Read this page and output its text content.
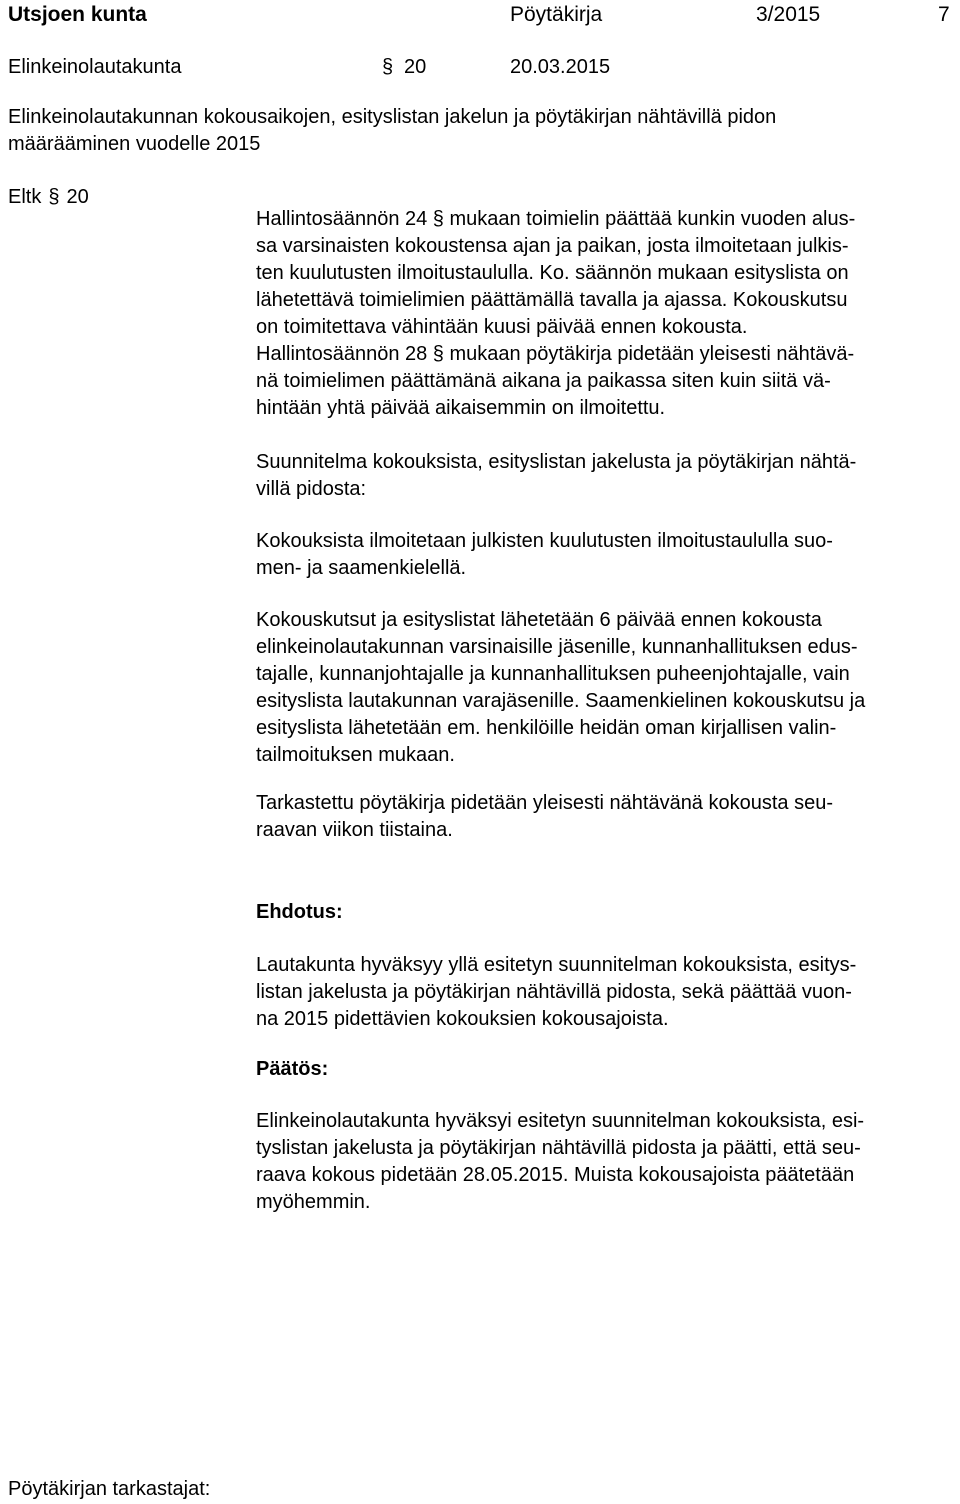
Utsjoen kunta	Pöytäkirja	3/2015	7
Elinkeinolautakunta	§ 20	20.03.2015
Elinkeinolautakunnan kokousaikojen, esityslistan jakelun ja pöytäkirjan nähtävillä pidon
määrääminen vuodelle 2015
Eltk § 20
Hallintosäännön 24 § mukaan toimielin päättää kunkin vuoden alus-
sa varsinaisten kokoustensa ajan ja paikan, josta ilmoitetaan julkis-
ten kuulutusten ilmoitustaululla. Ko. säännön mukaan esityslista on
lähetettävä toimielimien päättämällä tavalla ja ajassa. Kokouskutsu
on toimitettava vähintään kuusi päivää ennen kokousta.
Hallintosäännön 28 § mukaan pöytäkirja pidetään yleisesti nähtävä-
nä toimielimen päättämänä aikana ja paikassa siten kuin siitä vä-
hintään yhtä päivää aikaisemmin on ilmoitettu.
Suunnitelma kokouksista, esityslistan jakelusta ja pöytäkirjan nähtä-
villä pidosta:
Kokouksista ilmoitetaan julkisten kuulutusten ilmoitustaululla suo-
men- ja saamenkielellä.
Kokouskutsut ja esityslistat lähetetään 6 päivää ennen kokousta
elinkeinolautakunnan varsinaisille jäsenille, kunnanhallituksen edus-
tajalle, kunnanjohtajalle ja kunnanhallituksen puheenjohtajalle, vain
esityslista lautakunnan varajäsenille. Saamenkielinen kokouskutsu ja
esityslista lähetetään em. henkilöille heidän oman kirjallisen valin-
tailmoituksen mukaan.
Tarkastettu pöytäkirja pidetään yleisesti nähtävänä kokousta seu-
raavan viikon tiistaina.
Ehdotus:
Lautakunta hyväksyy yllä esitetyn suunnitelman kokouksista, esitys-
listan jakelusta ja pöytäkirjan nähtävillä pidosta, sekä päättää vuon-
na 2015 pidettävien kokouksien kokousajoista.
Päätös:
Elinkeinolautakunta hyväksyi esitetyn suunnitelman kokouksista, esi-
tyslistan jakelusta ja pöytäkirjan nähtävillä pidosta ja päätti, että seu-
raava kokous pidetään 28.05.2015. Muista kokousajoista päätetään
myöhemmin.
Pöytäkirjan tarkastajat:
